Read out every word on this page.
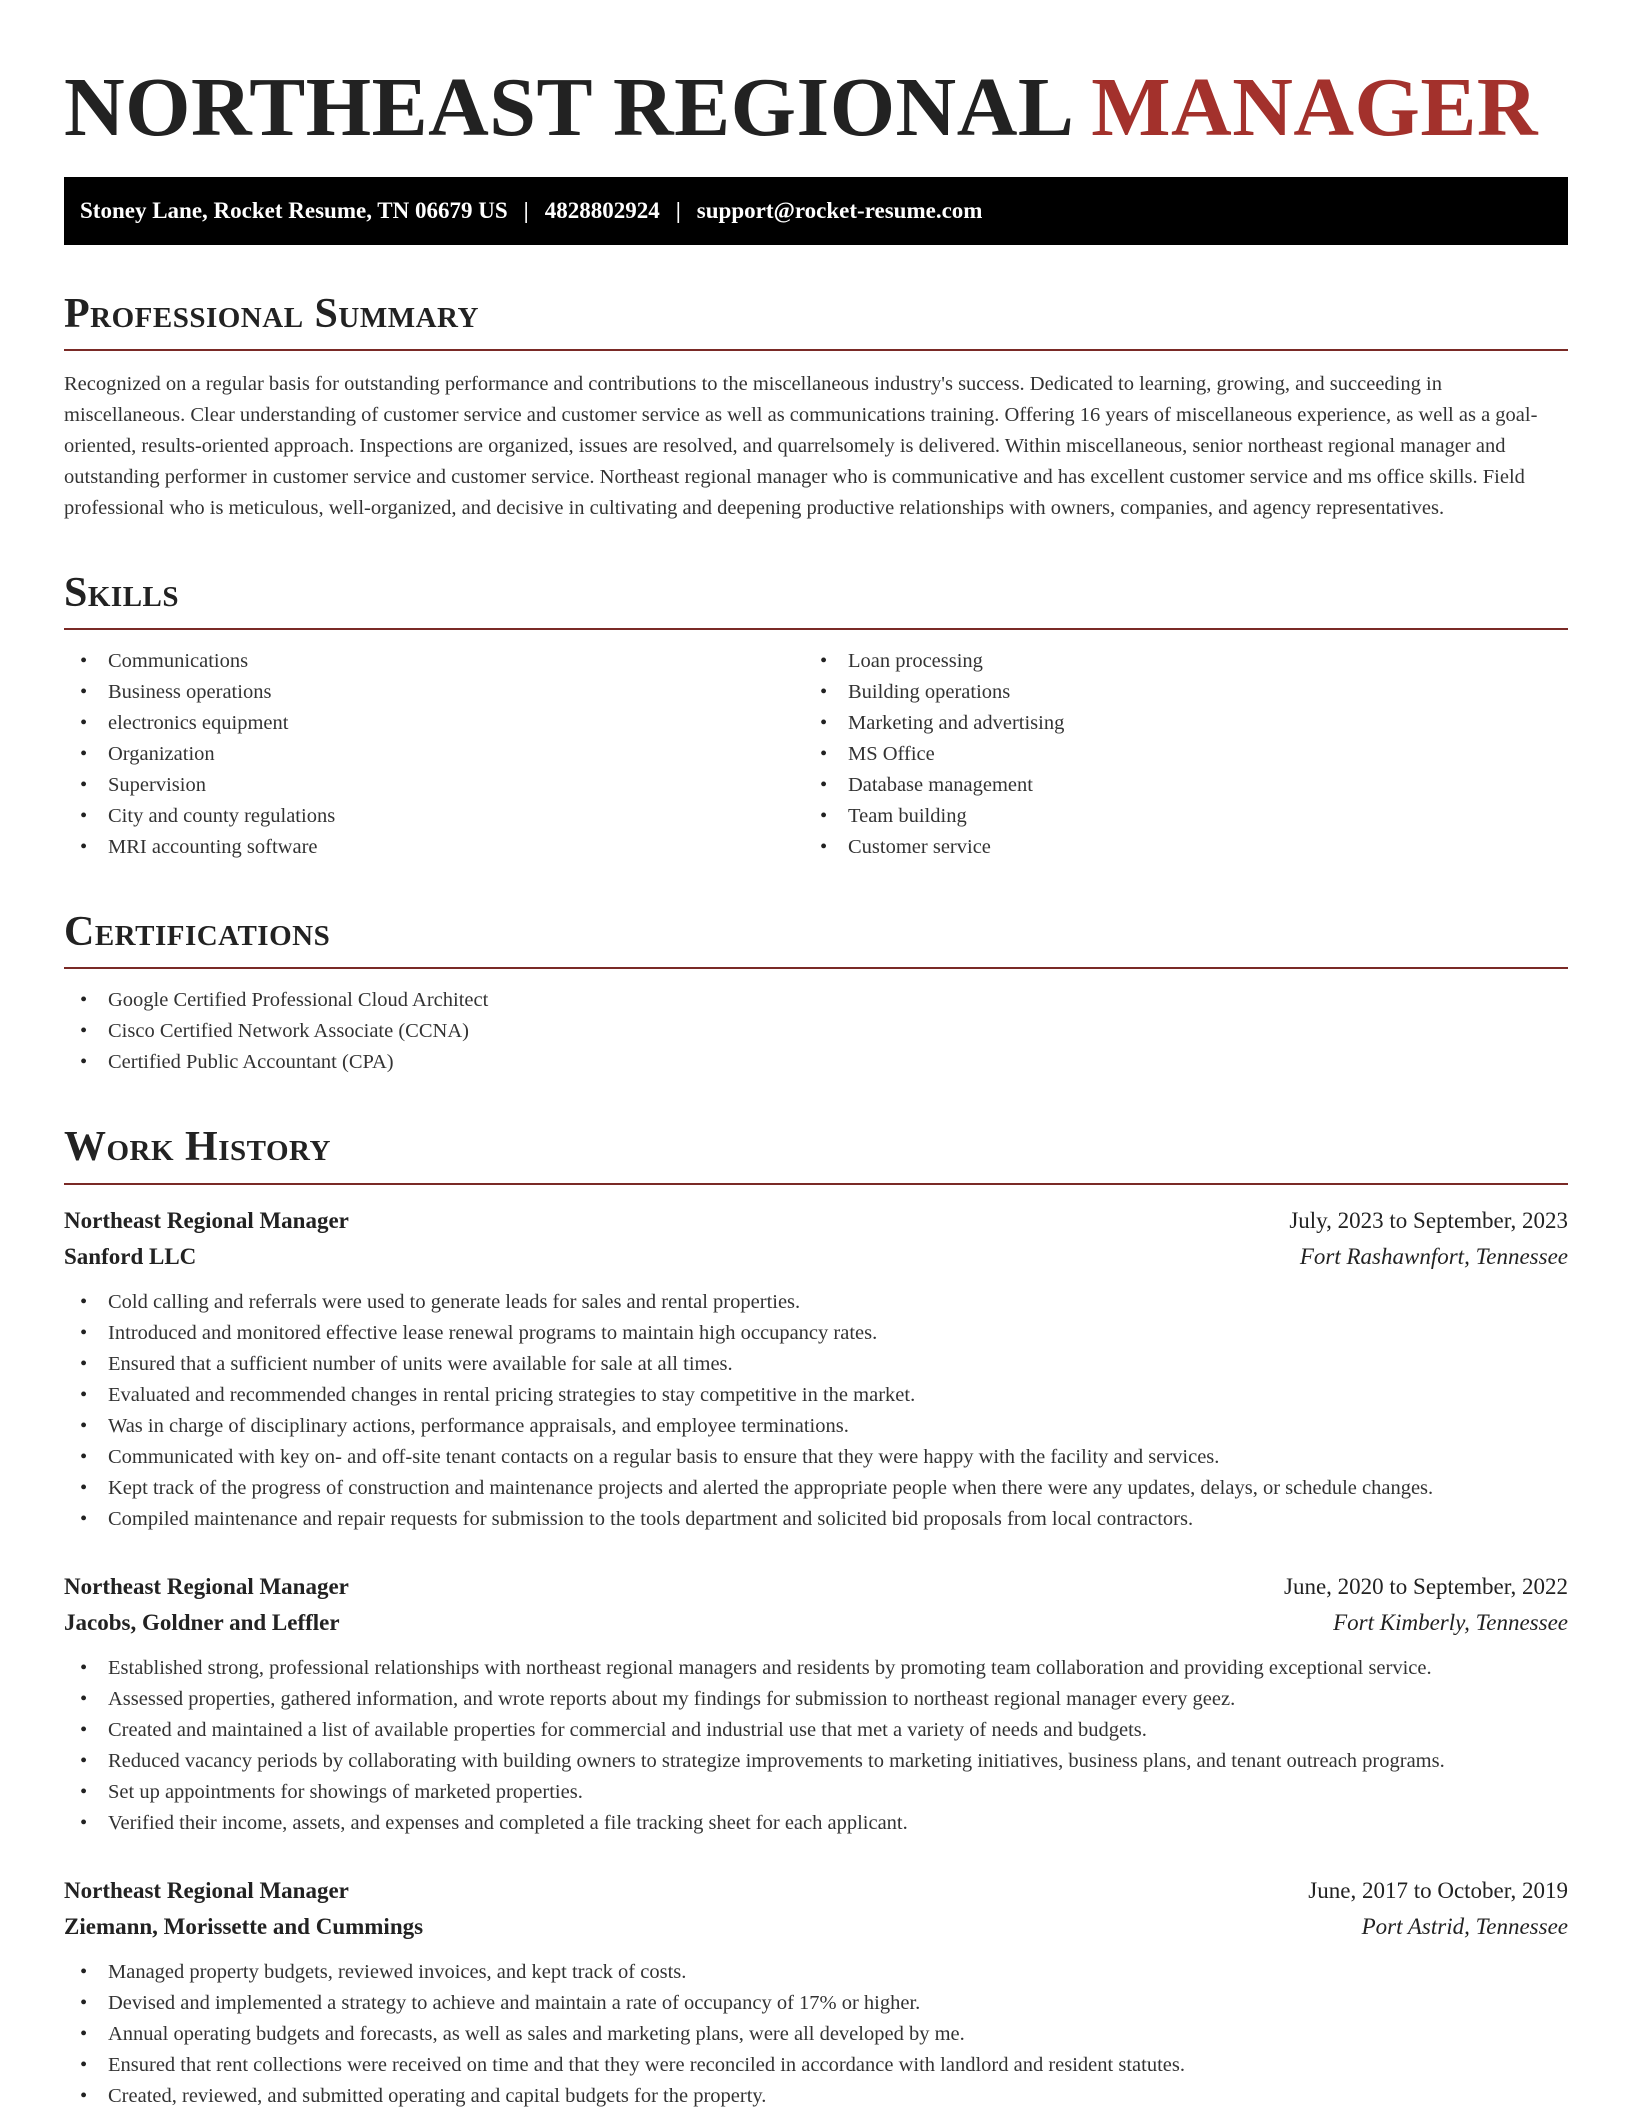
NORTHEAST REGIONAL MANAGER
Stoney Lane, Rocket Resume, TN 06679 US | 4828802924 | support@rocket-resume.com
Professional Summary

Recognized on a regular basis for outstanding performance and contributions to the miscellaneous industry's success. Dedicated to learning, growing, and succeeding in miscellaneous. Clear understanding of customer service and customer service as well as communications training. Offering 16 years of miscellaneous experience, as well as a goal-oriented, results-oriented approach. Inspections are organized, issues are resolved, and quarrelsomely is delivered. Within miscellaneous, senior northeast regional manager and outstanding performer in customer service and customer service. Northeast regional manager who is communicative and has excellent customer service and ms office skills. Field professional who is meticulous, well-organized, and decisive in cultivating and deepening productive relationships with owners, companies, and agency representatives.

Skills
• Communications
• Business operations
• electronics equipment
• Organization
• Supervision
• City and county regulations
• MRI accounting software
• Loan processing
• Building operations
• Marketing and advertising
• MS Office
• Database management
• Team building
• Customer service
Certifications
• Google Certified Professional Cloud Architect
• Cisco Certified Network Associate (CCNA)
• Certified Public Accountant (CPA)
Work History
Northeast Regional Manager	July, 2023 to September, 2023
Sanford LLC	Fort Rashawnfort, Tennessee
• Cold calling and referrals were used to generate leads for sales and rental properties.
• Introduced and monitored effective lease renewal programs to maintain high occupancy rates.
• Ensured that a sufficient number of units were available for sale at all times.
• Evaluated and recommended changes in rental pricing strategies to stay competitive in the market.
• Was in charge of disciplinary actions, performance appraisals, and employee terminations.
• Communicated with key on- and off-site tenant contacts on a regular basis to ensure that they were happy with the facility and services.
• Kept track of the progress of construction and maintenance projects and alerted the appropriate people when there were any updates, delays, or schedule changes.
• Compiled maintenance and repair requests for submission to the tools department and solicited bid proposals from local contractors.
Northeast Regional Manager	June, 2020 to September, 2022
Jacobs, Goldner and Leffler	Fort Kimberly, Tennessee
• Established strong, professional relationships with northeast regional managers and residents by promoting team collaboration and providing exceptional service.
• Assessed properties, gathered information, and wrote reports about my findings for submission to northeast regional manager every geez.
• Created and maintained a list of available properties for commercial and industrial use that met a variety of needs and budgets.
• Reduced vacancy periods by collaborating with building owners to strategize improvements to marketing initiatives, business plans, and tenant outreach programs.
• Set up appointments for showings of marketed properties.
• Verified their income, assets, and expenses and completed a file tracking sheet for each applicant.
Northeast Regional Manager	June, 2017 to October, 2019
Ziemann, Morissette and Cummings	Port Astrid, Tennessee
• Managed property budgets, reviewed invoices, and kept track of costs.
• Devised and implemented a strategy to achieve and maintain a rate of occupancy of 17% or higher.
• Annual operating budgets and forecasts, as well as sales and marketing plans, were all developed by me.
• Ensured that rent collections were received on time and that they were reconciled in accordance with landlord and resident statutes.
• Created, reviewed, and submitted operating and capital budgets for the property.
